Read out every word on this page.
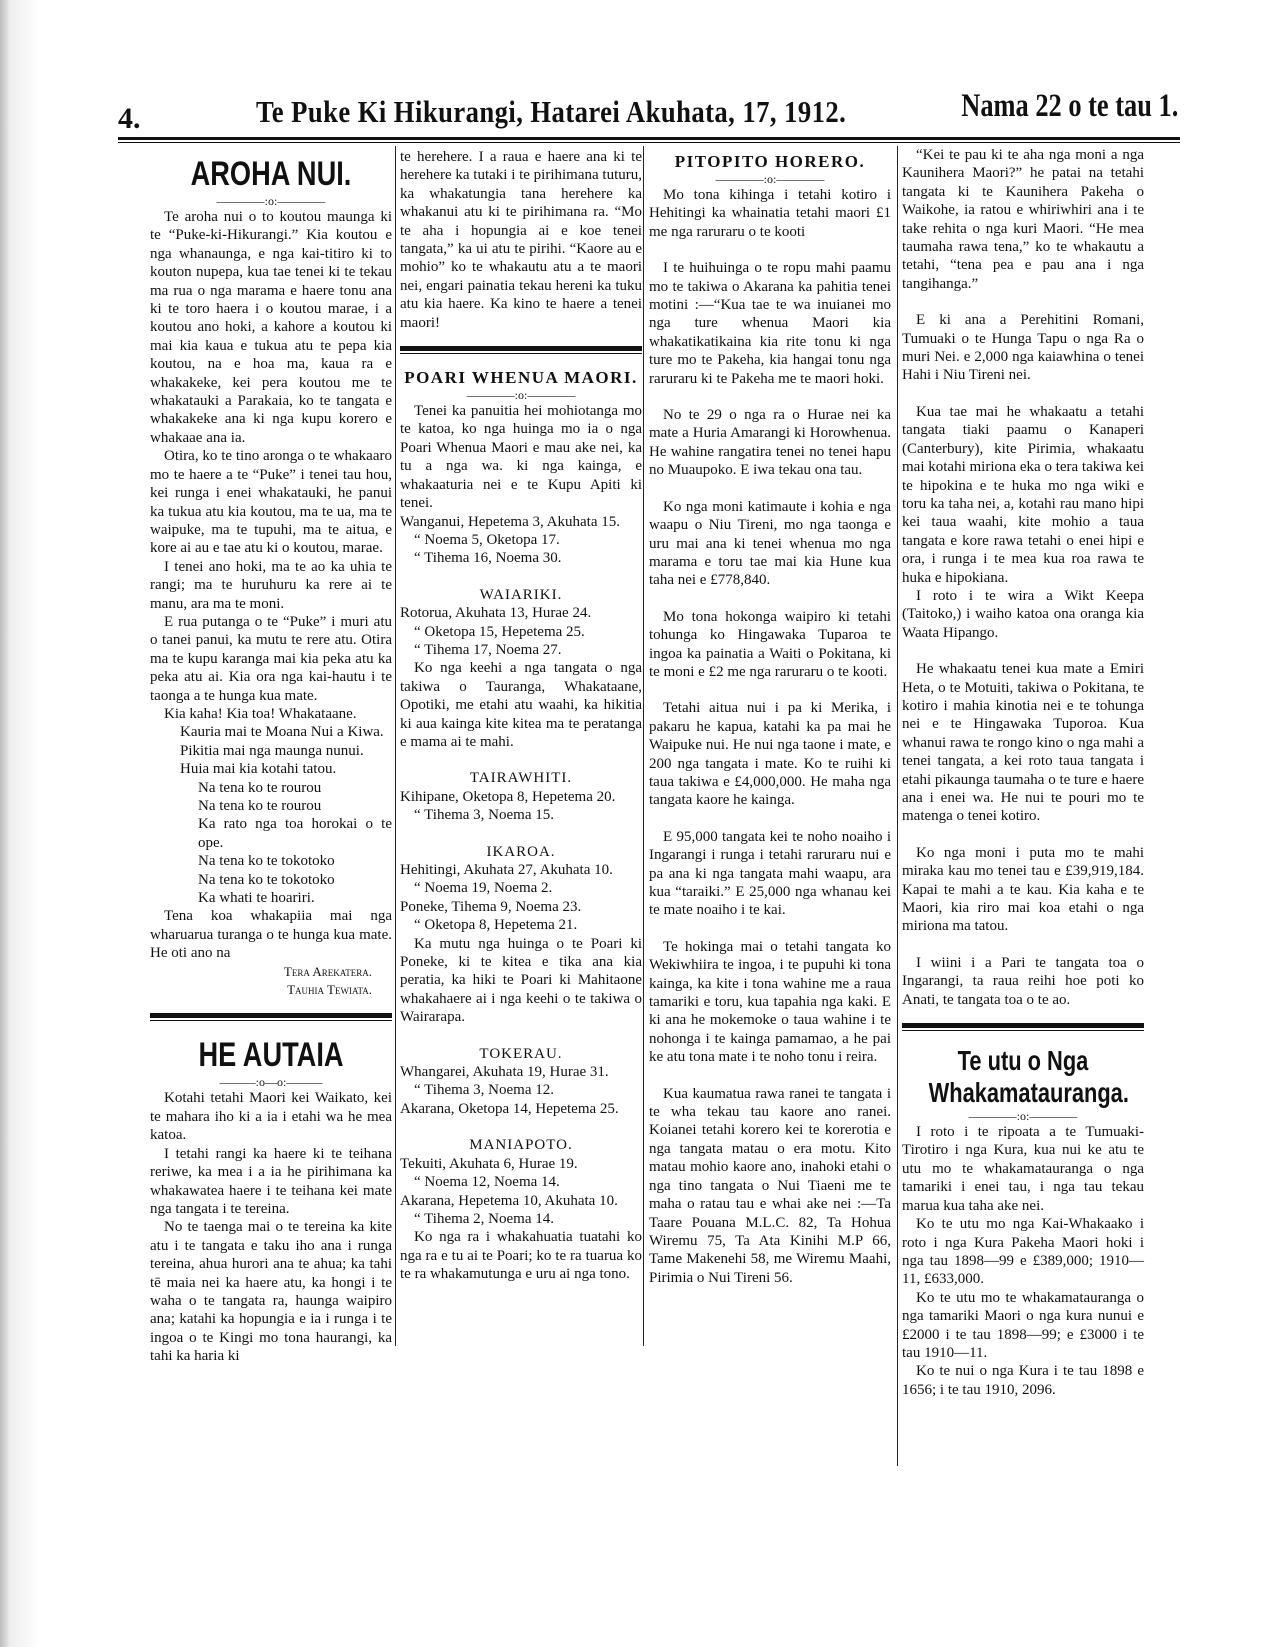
4.	Te Puke Ki Hikurangi, Hatarei Akuhata, 17, 1912.	Nama 22 o te tau 1.
AROHA NUI.
————:o:————
Te aroha nui o to koutou maunga ki te “Puke-ki-Hikurangi.” Kia koutou e nga whanaunga, e nga kai-titiro ki to kouton nupepa, kua tae tenei ki te tekau ma rua o nga marama e haere tonu ana ki te toro haera i o koutou marae, i a koutou ano hoki, a kahore a koutou ki mai kia kaua e tukua atu te pepa kia koutou, na e hoa ma, kaua ra e whakakeke, kei pera koutou me te whakatauki a Parakaia, ko te tangata e whakakeke ana ki nga kupu korero e whakaae ana ia.
Otira, ko te tino aronga o te whakaaro mo te haere a te “Puke” i tenei tau hou, kei runga i enei whakatauki, he panui ka tukua atu kia koutou, ma te ua, ma te waipuke, ma te tupuhi, ma te aitua, e kore ai au e tae atu ki o koutou, marae.
I tenei ano hoki, ma te ao ka uhia te rangi; ma te huruhuru ka rere ai te manu, ara ma te moni.
E rua putanga o te “Puke” i muri atu o tanei panui, ka mutu te rere atu. Otira ma te kupu karanga mai kia peka atu ka peka atu ai. Kia ora nga kai-hautu i te taonga a te hunga kua mate.
Kia kaha! Kia toa! Whakataane.
Kauria mai te Moana Nui a Kiwa.
Pikitia mai nga maunga nunui.
Huia mai kia kotahi tatou.
Na tena ko te rourou
Na tena ko te rourou
Ka rato nga toa horokai o te ope.
Na tena ko te tokotoko
Na tena ko te tokotoko
Ka whati te hoariri.
Tena koa whakapiia mai nga wharuarua turanga o te hunga kua mate. He oti ano na
Tera Arekatera.
Tauhia Tewiata.
HE AUTAIA
———:o—o:———
Kotahi tetahi Maori kei Waikato, kei te mahara iho ki a ia i etahi wa he mea katoa.
I tetahi rangi ka haere ki te teihana reriwe, ka mea i a ia he pirihimana ka whakawatea haere i te teihana kei mate nga tangata i te tereina.
No te taenga mai o te tereina ka kite atu i te tangata e taku iho ana i runga tereina, ahua hurori ana te ahua; ka tahi tē maia nei ka haere atu, ka hongi i te waha o te tangata ra, haunga waipiro ana; katahi ka hopungia e ia i runga i te ingoa o te Kingi mo tona haurangi, ka tahi ka haria ki
te herehere. I a raua e haere ana ki te herehere ka tutaki i te pirihimana tuturu, ka whakatungia tana herehere ka whakanui atu ki te pirihimana ra. “Mo te aha i hopungia ai e koe tenei tangata,” ka ui atu te pirihi. “Kaore au e mohio” ko te whakautu atu a te maori nei, engari painatia tekau hereni ka tuku atu kia haere. Ka kino te haere a tenei maori!
POARI WHENUA MAORI.
————:o:————
Tenei ka panuitia hei mohiotanga mo te katoa, ko nga huinga mo ia o nga Poari Whenua Maori e mau ake nei, ka tu a nga wa. ki nga kainga, e whakaaturia nei e te Kupu Apiti ki tenei.
Wanganui, Hepetema 3, Akuhata 15.
“ Noema 5, Oketopa 17.
“ Tihema 16, Noema 30.
WAIARIKI.
Rotorua, Akuhata 13, Hurae 24.
“ Oketopa 15, Hepetema 25.
“ Tihema 17, Noema 27.
Ko nga keehi a nga tangata o nga takiwa o Tauranga, Whakataane, Opotiki, me etahi atu waahi, ka hikitia ki aua kainga kite kitea ma te peratanga e mama ai te mahi.
TAIRAWHITI.
Kihipane, Oketopa 8, Hepetema 20.
“ Tihema 3, Noema 15.
IKAROA.
Hehitingi, Akuhata 27, Akuhata 10.
“ Noema 19, Noema 2.
Poneke, Tihema 9, Noema 23.
“ Oketopa 8, Hepetema 21.
Ka mutu nga huinga o te Poari ki Poneke, ki te kitea e tika ana kia peratia, ka hiki te Poari ki Mahitaone whakahaere ai i nga keehi o te takiwa o Wairarapa.
TOKERAU.
Whangarei, Akuhata 19, Hurae 31.
“ Tihema 3, Noema 12.
Akarana, Oketopa 14, Hepetema 25.
MANIAPOTO.
Tekuiti, Akuhata 6, Hurae 19.
“ Noema 12, Noema 14.
Akarana, Hepetema 10, Akuhata 10.
“ Tihema 2, Noema 14.
Ko nga ra i whakahuatia tuatahi ko nga ra e tu ai te Poari; ko te ra tuarua ko te ra whakamutunga e uru ai nga tono.
PITOPITO HORERO.
————:o:————
Mo tona kihinga i tetahi kotiro i Hehitingi ka whainatia tetahi maori £1 me nga raruraru o te kooti
I te huihuinga o te ropu mahi paamu mo te takiwa o Akarana ka pahitia tenei motini :—“Kua tae te wa inuianei mo nga ture whenua Maori kia whakatikatikaina kia rite tonu ki nga ture mo te Pakeha, kia hangai tonu nga raruraru ki te Pakeha me te maori hoki.
No te 29 o nga ra o Hurae nei ka mate a Huria Amarangi ki Horowhenua. He wahine rangatira tenei no tenei hapu no Muaupoko. E iwa tekau ona tau.
Ko nga moni katimaute i kohia e nga waapu o Niu Tireni, mo nga taonga e uru mai ana ki tenei whenua mo nga marama e toru tae mai kia Hune kua taha nei e £778,840.
Mo tona hokonga waipiro ki tetahi tohunga ko Hingawaka Tuparoa te ingoa ka painatia a Waiti o Pokitana, ki te moni e £2 me nga raruraru o te kooti.
Tetahi aitua nui i pa ki Merika, i pakaru he kapua, katahi ka pa mai he Waipuke nui. He nui nga taone i mate, e 200 nga tangata i mate. Ko te ruihi ki taua takiwa e £4,000,000. He maha nga tangata kaore he kainga.
E 95,000 tangata kei te noho noaiho i Ingarangi i runga i tetahi raruraru nui e pa ana ki nga tangata mahi waapu, ara kua “taraiki.” E 25,000 nga whanau kei te mate noaiho i te kai.
Te hokinga mai o tetahi tangata ko Wekiwhiira te ingoa, i te pupuhi ki tona kainga, ka kite i tona wahine me a raua tamariki e toru, kua tapahia nga kaki. E ki ana he mokemoke o taua wahine i te nohonga i te kainga pamamao, a he pai ke atu tona mate i te noho tonu i reira.
Kua kaumatua rawa ranei te tangata i te wha tekau tau kaore ano ranei. Koianei tetahi korero kei te korerotia e nga tangata matau o era motu. Kito matau mohio kaore ano, inahoki etahi o nga tino tangata o Nui Tiaeni me te maha o ratau tau e whai ake nei :—Ta Taare Pouana M.L.C. 82, Ta Hohua Wiremu 75, Ta Ata Kinihi M.P 66, Tame Makenehi 58, me Wiremu Maahi, Pirimia o Nui Tireni 56.
“Kei te pau ki te aha nga moni a nga Kaunihera Maori?” he patai na tetahi tangata ki te Kaunihera Pakeha o Waikohe, ia ratou e whiriwhiri ana i te take rehita o nga kuri Maori. “He mea taumaha rawa tena,” ko te whakautu a tetahi, “tena pea e pau ana i nga tangihanga.”
E ki ana a Perehitini Romani, Tumuaki o te Hunga Tapu o nga Ra o muri Nei. e 2,000 nga kaiawhina o tenei Hahi i Niu Tireni nei.
Kua tae mai he whakaatu a tetahi tangata tiaki paamu o Kanaperi (Canterbury), kite Pirimia, whakaatu mai kotahi miriona eka o tera takiwa kei te hipokina e te huka mo nga wiki e toru ka taha nei, a, kotahi rau mano hipi kei taua waahi, kite mohio a taua tangata e kore rawa tetahi o enei hipi e ora, i runga i te mea kua roa rawa te huka e hipokiana.
I roto i te wira a Wikt Keepa (Taitoko,) i waiho katoa ona oranga kia Waata Hipango.
He whakaatu tenei kua mate a Emiri Heta, o te Motuiti, takiwa o Pokitana, te kotiro i mahia kinotia nei e te tohunga nei e te Hingawaka Tuporoa. Kua whanui rawa te rongo kino o nga mahi a tenei tangata, a kei roto taua tangata i etahi pikaunga taumaha o te ture e haere ana i enei wa. He nui te pouri mo te matenga o tenei kotiro.
Ko nga moni i puta mo te mahi miraka kau mo tenei tau e £39,919,184. Kapai te mahi a te kau. Kia kaha e te Maori, kia riro mai koa etahi o nga miriona ma tatou.
I wiini i a Pari te tangata toa o Ingarangi, ta raua reihi hoe poti ko Anati, te tangata toa o te ao.
Te utu o Nga Whakamatauranga.
————:o:————
I roto i te ripoata a te Tumuaki-Tirotiro i nga Kura, kua nui ke atu te utu mo te whakamatauranga o nga tamariki i enei tau, i nga tau tekau marua kua taha ake nei.
Ko te utu mo nga Kai-Whakaako i roto i nga Kura Pakeha Maori hoki i nga tau 1898—99 e £389,000; 1910—11, £633,000.
Ko te utu mo te whakamatauranga o nga tamariki Maori o nga kura nunui e £2000 i te tau 1898—99; e £3000 i te tau 1910—11.
Ko te nui o nga Kura i te tau 1898 e 1656; i te tau 1910, 2096.
